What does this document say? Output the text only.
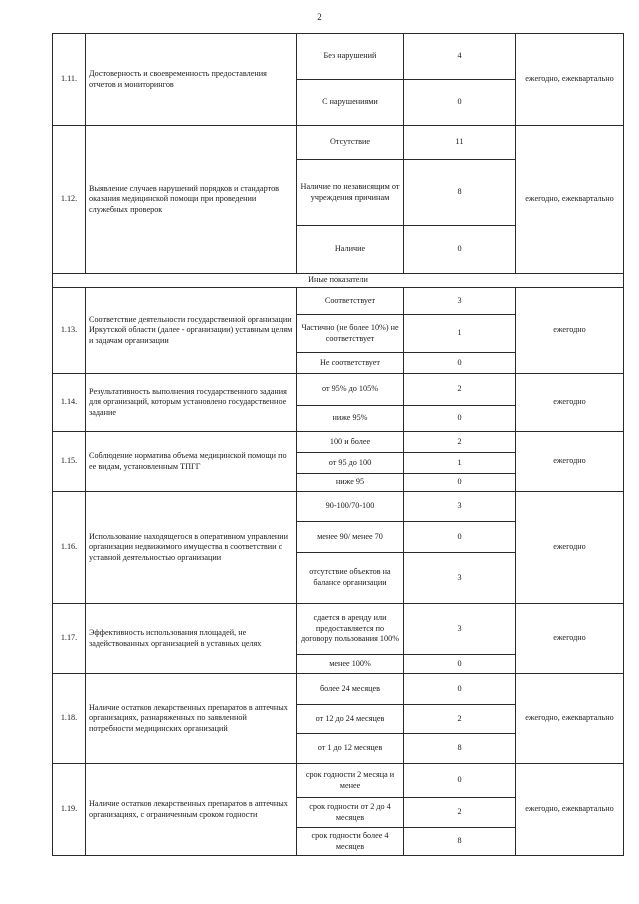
2
1.11.	Достоверность и своевременность предоставления отчетов и мониторингов	Без нарушений	4	ежегодно, ежеквартально
		С нарушениями	0	
1.12.	Выявление случаев нарушений порядков и стандартов оказания медицинской помощи при проведении служебных проверок	Отсутствие	11	ежегодно, ежеквартально
		Наличие по независящим от учреждения причинам	8	
		Наличие	0	
Иные показатели				
1.13.	Соответствие деятельности государственной организации Иркутской области (далее - организации) уставным целям и задачам организации	Соответствует	3	ежегодно
		Частично (не более 10%) не соответствует	1	
		Не соответствует	0	
1.14.	Результативность выполнения государственного задания для организаций, которым установлено государственное задание	от 95% до 105%	2	ежегодно
		ниже 95%	0	
1.15.	Соблюдение норматива объема медицинской помощи по ее видам, установленным ТПГГ	100 и более	2	ежегодно
		от 95 до 100	1	
		ниже 95	0	
1.16.	Использование находящегося в оперативном управлении организации недвижимого имущества в соответствии с уставной деятельностью организации	90-100/70-100	3	ежегодно
		менее 90/ менее 70	0	
		отсутствие объектов на балансе организации	3	
1.17.	Эффективность использования площадей, не задействованных организацией в уставных целях	сдается в аренду или предоставляется по договору пользования 100%	3	ежегодно
		менее 100%	0	
1.18.	Наличие остатков лекарственных препаратов в аптечных организациях, разнаряженных по заявленной потребности медицинских организаций	более 24 месяцев	0	ежегодно, ежеквартально
		от 12 до 24 месяцев	2	
		от 1 до 12 месяцев	8	
1.19.	Наличие остатков лекарственных препаратов в аптечных организациях, с ограниченным сроком годности	срок годности 2 месяца и менее	0	ежегодно, ежеквартально
		срок годности от 2 до 4 месяцев	2	
		срок годности более 4 месяцев	8	
